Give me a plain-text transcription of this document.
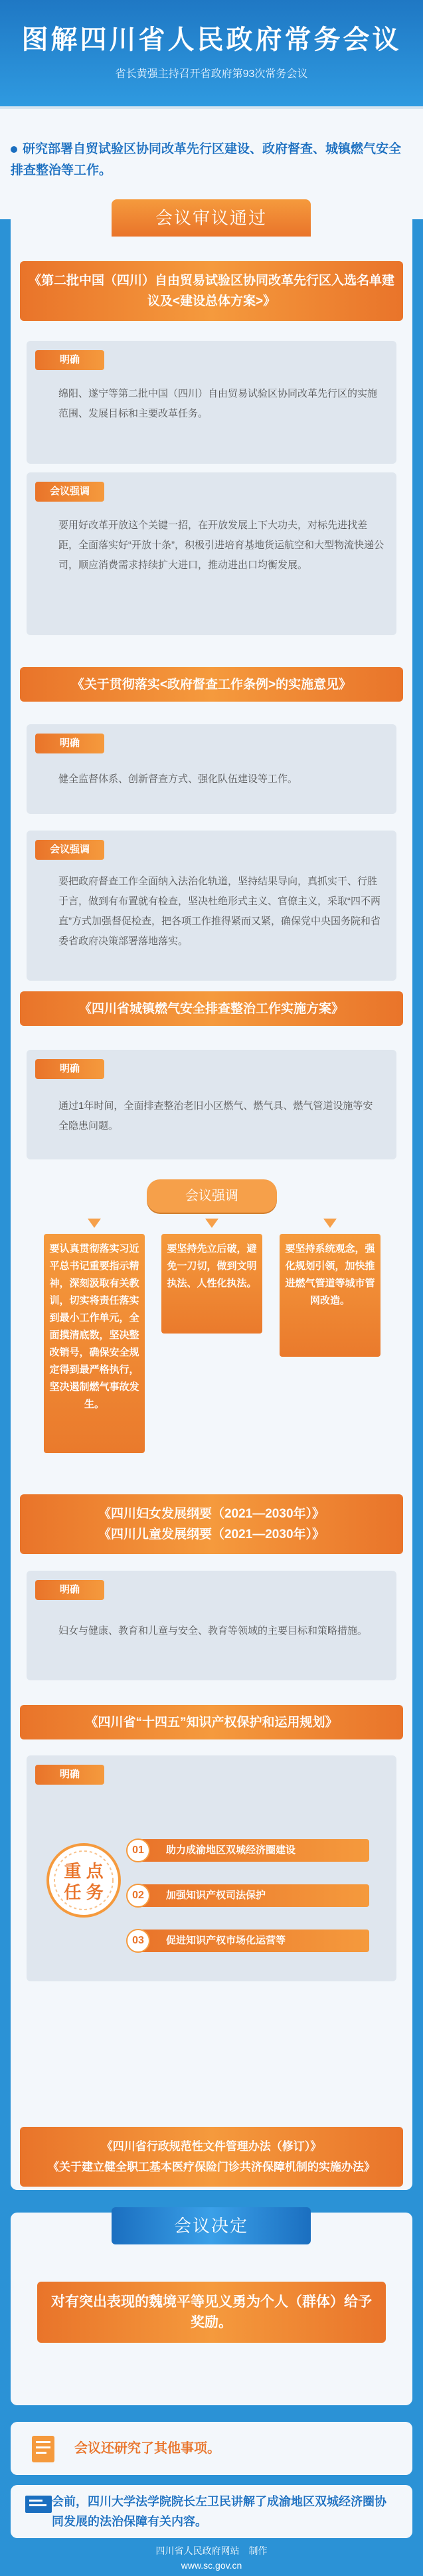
图解四川省人民政府常务会议
省长黄强主持召开省政府第93次常务会议
研究部署自贸试验区协同改革先行区建设、政府督查、城镇燃气安全排查整治等工作。
会议审议通过
《第二批中国（四川）自由贸易试验区协同改革先行区入选名单建议及<建设总体方案>》
明确
绵阳、遂宁等第二批中国（四川）自由贸易试验区协同改革先行区的实施范围、发展目标和主要改革任务。
会议强调
要用好改革开放这个关键一招，在开放发展上下大功夫，对标先进找差距，全面落实好“开放十条”，积极引进培育基地货运航空和大型物流快递公司，顺应消费需求持续扩大进口，推动进出口均衡发展。
《关于贯彻落实<政府督查工作条例>的实施意见》
明确
健全监督体系、创新督查方式、强化队伍建设等工作。
会议强调
要把政府督查工作全面纳入法治化轨道，坚持结果导向，真抓实干、行胜于言，做到有布置就有检查，坚决杜绝形式主义、官僚主义，采取“四不两直”方式加强督促检查，把各项工作推得紧而又紧，确保党中央国务院和省委省政府决策部署落地落实。
《四川省城镇燃气安全排查整治工作实施方案》
明确
通过1年时间，全面排查整治老旧小区燃气、燃气具、燃气管道设施等安全隐患问题。
会议强调
要认真贯彻落实习近平总书记重要指示精神，深刻汲取有关教训，切实将责任落实到最小工作单元，全面摸清底数，坚决整改销号，确保安全规定得到最严格执行，坚决遏制燃气事故发生。
要坚持先立后破，避免一刀切，做到文明执法、人性化执法。
要坚持系统观念，强化规划引领，加快推进燃气管道等城市管网改造。
《四川妇女发展纲要（2021—2030年）》
《四川儿童发展纲要（2021—2030年）》
明确
妇女与健康、教育和儿童与安全、教育等领域的主要目标和策略措施。
《四川省“十四五”知识产权保护和运用规划》
明确
重 点
任 务
助力成渝地区双城经济圈建设
01
加强知识产权司法保护
02
促进知识产权市场化运营等
03
《四川省行政规范性文件管理办法（修订）》
《关于建立健全职工基本医疗保险门诊共济保障机制的实施办法》
会议决定
对有突出表现的魏境平等见义勇为个人（群体）给予奖励。
会议还研究了其他事项。
会前，四川大学法学院院长左卫民讲解了成渝地区双城经济圈协同发展的法治保障有关内容。
四川省人民政府网站　制作
www.sc.gov.cn
